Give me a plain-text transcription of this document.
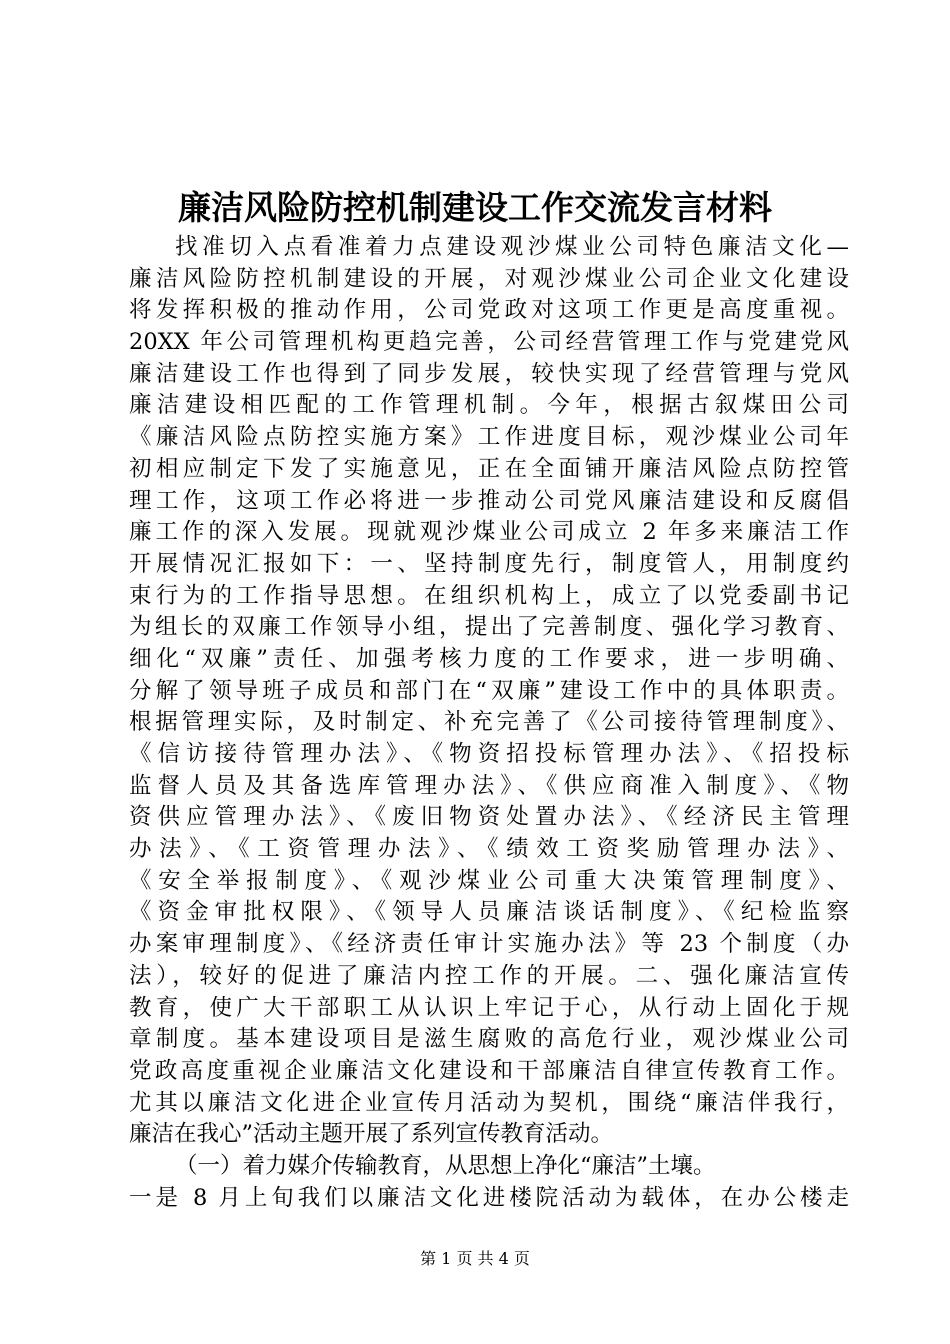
廉洁风险防控机制建设工作交流发言材料
找准切入点看准着力点建设观沙煤业公司特色廉洁文化—
廉洁风险防控机制建设的开展，对观沙煤业公司企业文化建设
将发挥积极的推动作用，公司党政对这项工作更是高度重视。
20XX 年公司管理机构更趋完善，公司经营管理工作与党建党风
廉洁建设工作也得到了同步发展，较快实现了经营管理与党风
廉洁建设相匹配的工作管理机制。今年，根据古叙煤田公司
《廉洁风险点防控实施方案》工作进度目标，观沙煤业公司年
初相应制定下发了实施意见，正在全面铺开廉洁风险点防控管
理工作，这项工作必将进一步推动公司党风廉洁建设和反腐倡
廉工作的深入发展。现就观沙煤业公司成立 2 年多来廉洁工作
开展情况汇报如下：一、坚持制度先行，制度管人，用制度约
束行为的工作指导思想。在组织机构上，成立了以党委副书记
为组长的双廉工作领导小组，提出了完善制度、强化学习教育、
细化“双廉”责任、加强考核力度的工作要求，进一步明确、
分解了领导班子成员和部门在“双廉”建设工作中的具体职责。
根据管理实际，及时制定、补充完善了《公司接待管理制度》、
《信访接待管理办法》、《物资招投标管理办法》、《招投标
监督人员及其备选库管理办法》、《供应商准入制度》、《物
资供应管理办法》、《废旧物资处置办法》、《经济民主管理
办法》、《工资管理办法》、《绩效工资奖励管理办法》、
《安全举报制度》、《观沙煤业公司重大决策管理制度》、
《资金审批权限》、《领导人员廉洁谈话制度》、《纪检监察
办案审理制度》、《经济责任审计实施办法》等 23 个制度（办
法），较好的促进了廉洁内控工作的开展。二、强化廉洁宣传
教育，使广大干部职工从认识上牢记于心，从行动上固化于规
章制度。基本建设项目是滋生腐败的高危行业，观沙煤业公司
党政高度重视企业廉洁文化建设和干部廉洁自律宣传教育工作。
尤其以廉洁文化进企业宣传月活动为契机，围绕“廉洁伴我行，
廉洁在我心”活动主题开展了系列宣传教育活动。
（一）着力媒介传输教育，从思想上净化“廉洁”土壤。
一是 8 月上旬我们以廉洁文化进楼院活动为载体，在办公楼走
第 1 页 共 4 页
